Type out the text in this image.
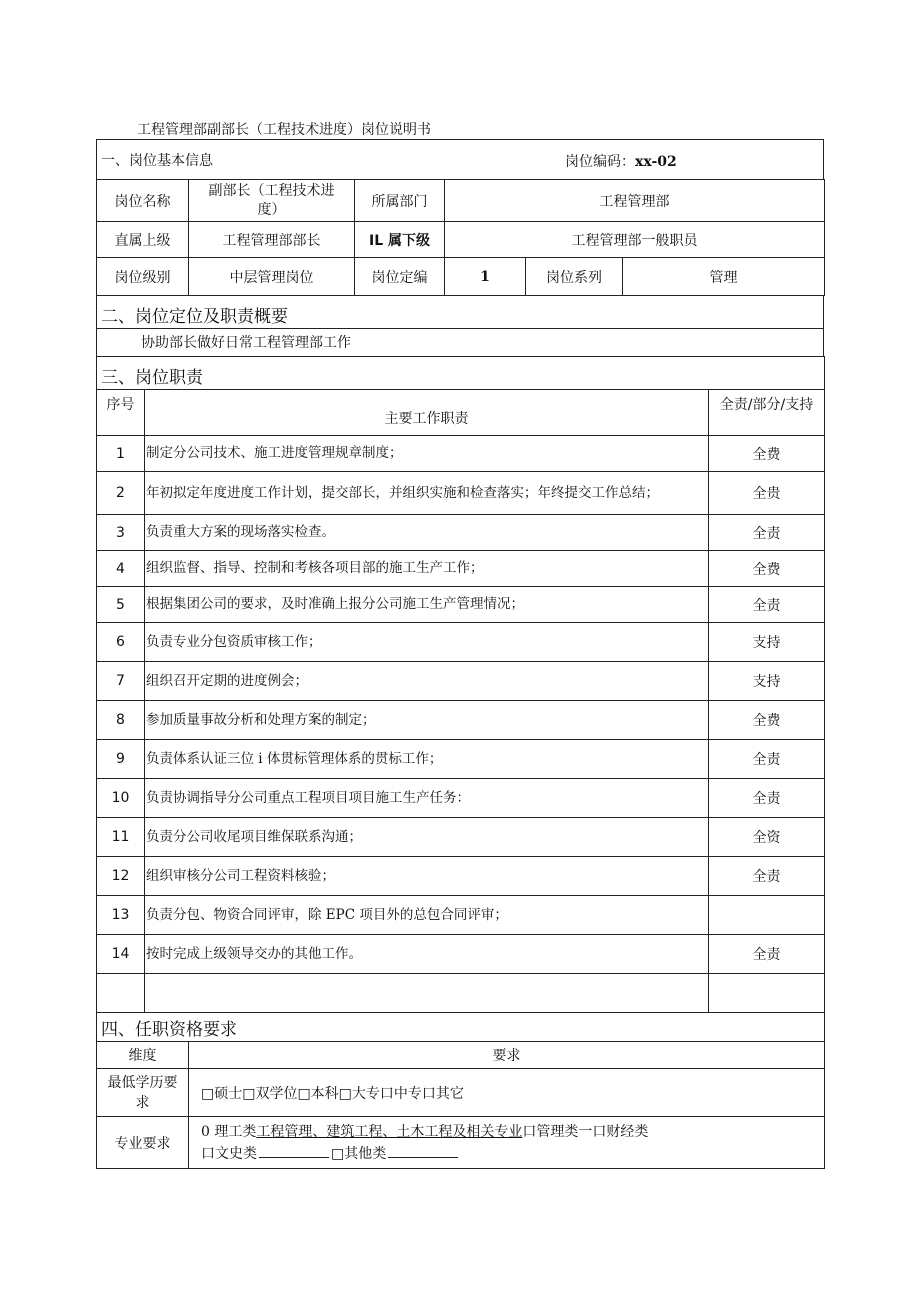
工程管理部副部长（工程技术进度）岗位说明书
一、岗位基本信息	岗位编码：xx-02
岗位名称	副部长（工程技术进度）	所属部门	工程管理部		
直属上级	工程管理部部长	IL 属下级	工程管理部一般职员		
岗位级别	中层管理岗位	岗位定编	1	岗位系列	管理
二、岗位定位及职责概要
协助部长做好日常工程管理部工作
三、岗位职责		
序号	主要工作职责	全责/部分/支持
1	制定分公司技术、施工进度管理规章制度；	全费
2	年初拟定年度进度工作计划，提交部长，并组织实施和检查落实；年终提交工作总结；	全贵
3	负责重大方案的现场落实检查。	全责
4	组织监督、指导、控制和考核各项目部的施工生产工作；	全费
5	根据集团公司的要求，及时准确上报分公司施工生产管理情况；	全责
6	负责专业分包资质审核工作；	支持
7	组织召开定期的进度例会；	支持
8	参加质量事故分析和处理方案的制定；	全费
9	负责体系认证三位 i 体贯标管理体系的贯标工作；	全责
10	负责协调指导分公司重点工程项目项目施工生产任务：	全责
11	负责分公司收尾项目维保联系沟通；	全资
12	组织审核分公司工程资料核验；	全责
13	负责分包、物资合同评审，除 EPC 项目外的总包合同评审；	
14	按时完成上级领导交办的其他工作。	全责

四、任职资格要求	
维度	要求
最低学历要求	□硕士□双学位□本科□大专口中专口其它
专业要求	0 理工类工程管理、建筑工程、土木工程及相关专业口管理类一口财经类
口文史类 □其他类
